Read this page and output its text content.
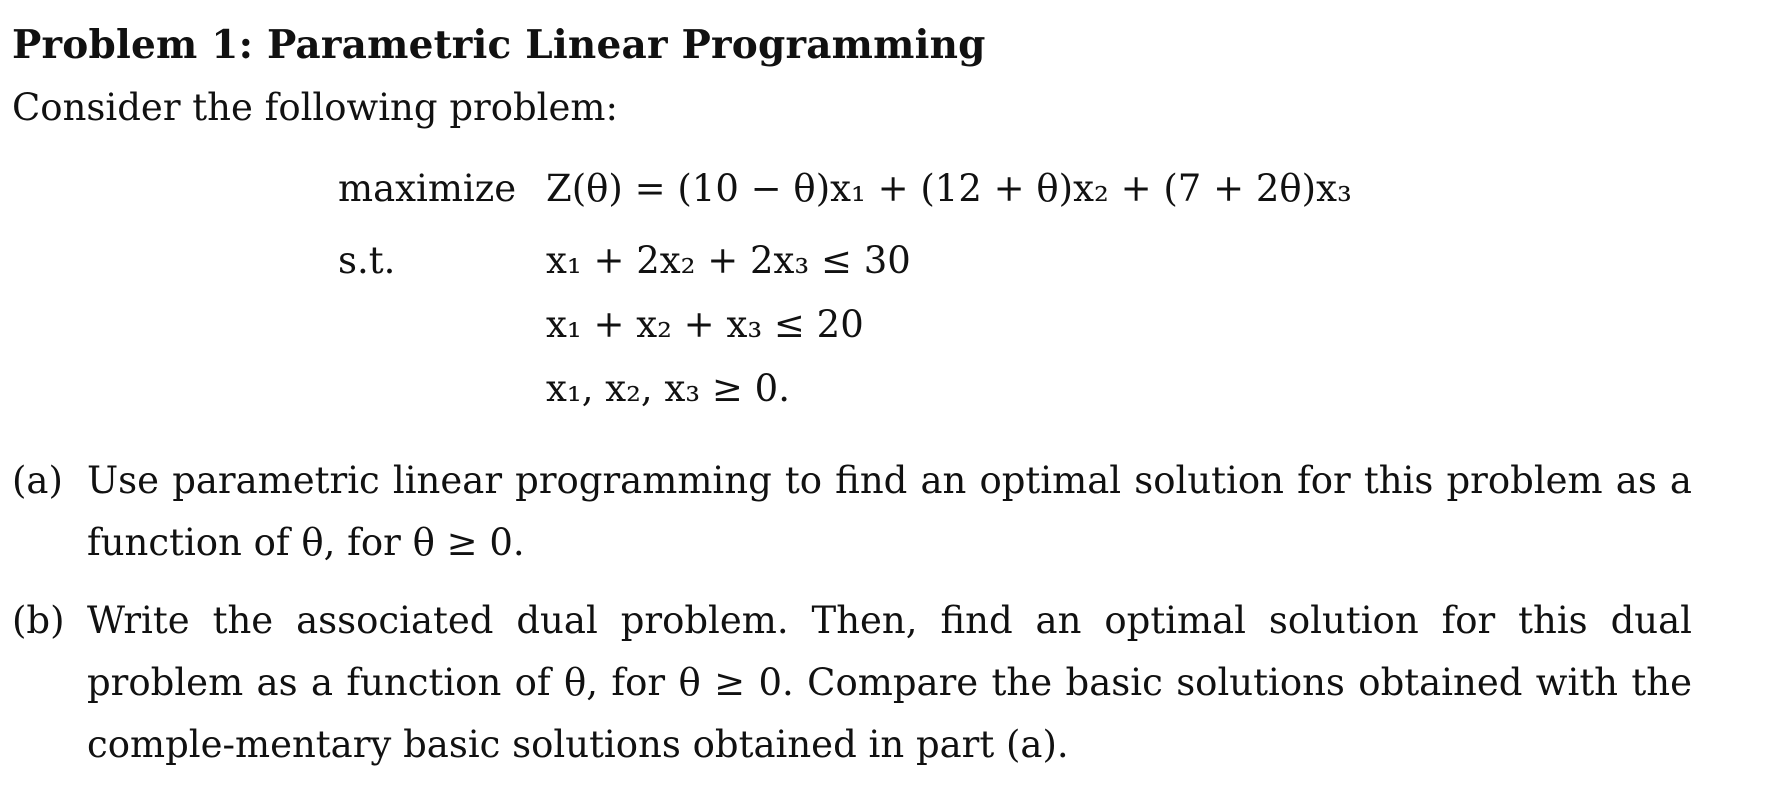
Problem 1: Parametric Linear Programming
Consider the following problem:
maximize Z(θ) = (10 − θ)x₁ + (12 + θ)x₂ + (7 + 2θ)x₃
s.t.	x₁ + 2x₂ + 2x₃ ≤ 30
x₁ + x₂ + x₃ ≤ 20
x₁, x₂, x₃ ≥ 0.
(a) Use parametric linear programming to find an optimal solution for this problem as a function of θ, for θ ≥ 0.
(b) Write the associated dual problem. Then, find an optimal solution for this dual problem as a function of θ, for θ ≥ 0. Compare the basic solutions obtained with the comple-mentary basic solutions obtained in part (a).
